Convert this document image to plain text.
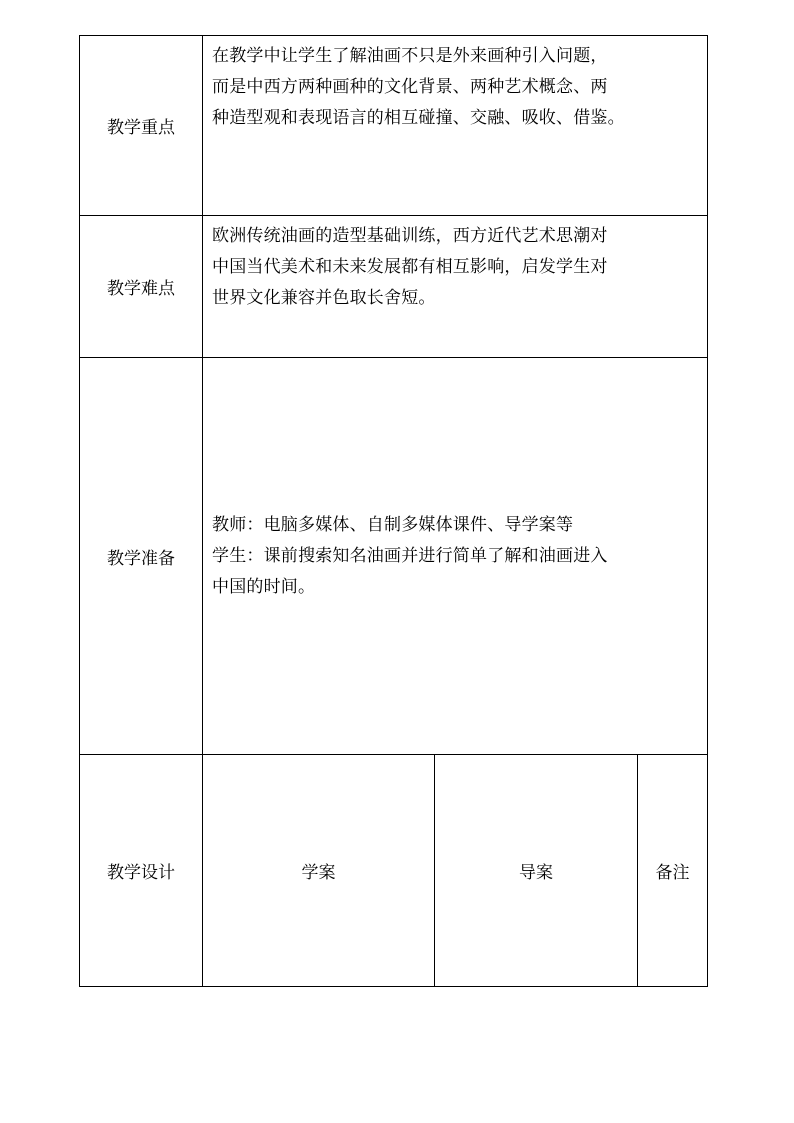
教学重点	在教学中让学生了解油画不只是外来画种引入问题，
而是中西方两种画种的文化背景、两种艺术概念、两
种造型观和表现语言的相互碰撞、交融、吸收、借鉴。		

教学难点	欧洲传统油画的造型基础训练，西方近代艺术思潮对
中国当代美术和未来发展都有相互影响，启发学生对
世界文化兼容并色取长舍短。		

教学准备	教师：电脑多媒体、自制多媒体课件、导学案等
学生：课前搜索知名油画并进行简单了解和油画进入
中国的时间。		

教学设计	学案	导案	备注
